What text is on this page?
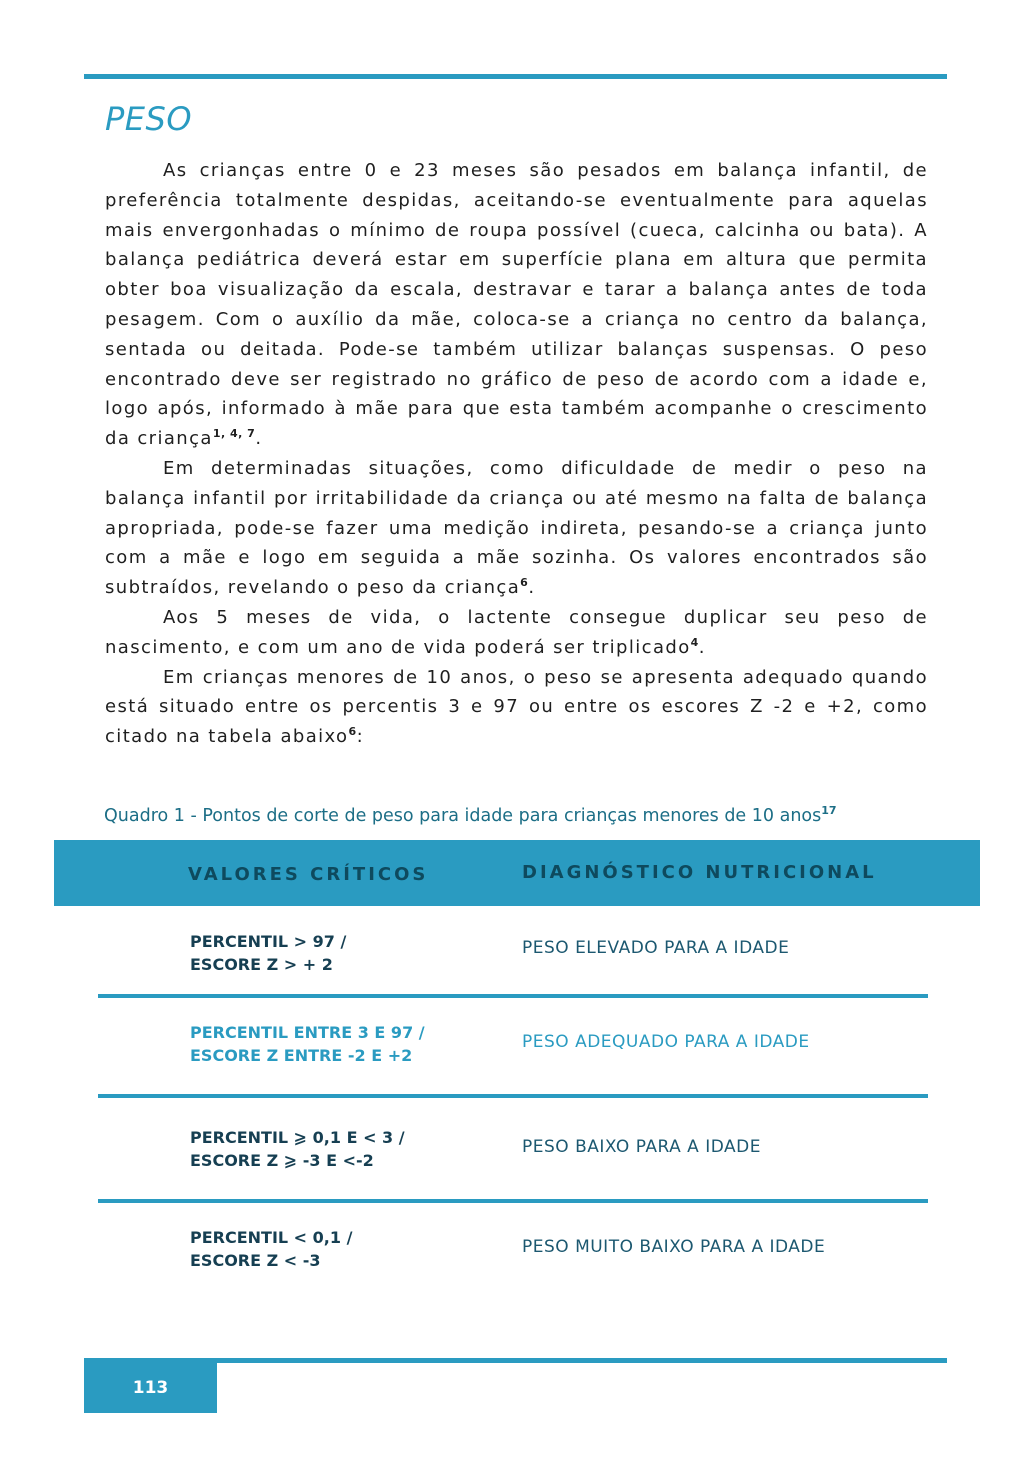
PESO

As crianças entre 0 e 23 meses são pesados em balança infantil, de preferência totalmente despidas, aceitando-se eventualmente para aquelas mais envergonhadas o mínimo de roupa possível (cueca, calcinha ou bata). A balança pediátrica deverá estar em superfície plana em altura que permita obter boa visualização da escala, destravar e tarar a balança antes de toda pesagem. Com o auxílio da mãe, coloca-se a criança no centro da balança, sentada ou deitada. Pode-se também utilizar balanças suspensas. O peso encontrado deve ser registrado no gráfico de peso de acordo com a idade e, logo após, informado à mãe para que esta também acompanhe o crescimento da criança$^{1, 4, 7}$.

Em determinadas situações, como dificuldade de medir o peso na balança infantil por irritabilidade da criança ou até mesmo na falta de balança apropriada, pode-se fazer uma medição indireta, pesando-se a criança junto com a mãe e logo em seguida a mãe sozinha. Os valores encontrados são subtraídos, revelando o peso da criança$^6$.

Aos 5 meses de vida, o lactente consegue duplicar seu peso de nascimento, e com um ano de vida poderá ser triplicado$^4$.

Em crianças menores de 10 anos, o peso se apresenta adequado quando está situado entre os percentis 3 e 97 ou entre os escores Z -2 e +2, como citado na tabela abaixo$^6$:

Quadro 1 - Pontos de corte de peso para idade para crianças menores de 10 anos$^{17}$
VALORES CRÍTICOS	DIAGNÓSTICO NUTRICIONAL
PERCENTIL > 97 /
ESCORE Z > + 2
PESO ELEVADO PARA A IDADE
PERCENTIL ENTRE 3 E 97 /
ESCORE Z ENTRE -2 E +2
PESO ADEQUADO PARA A IDADE
PERCENTIL ⩾ 0,1 E < 3 /
ESCORE Z ⩾ -3 E <-2
PESO BAIXO PARA A IDADE
PERCENTIL < 0,1 /
ESCORE Z < -3
PESO MUITO BAIXO PARA A IDADE
113
